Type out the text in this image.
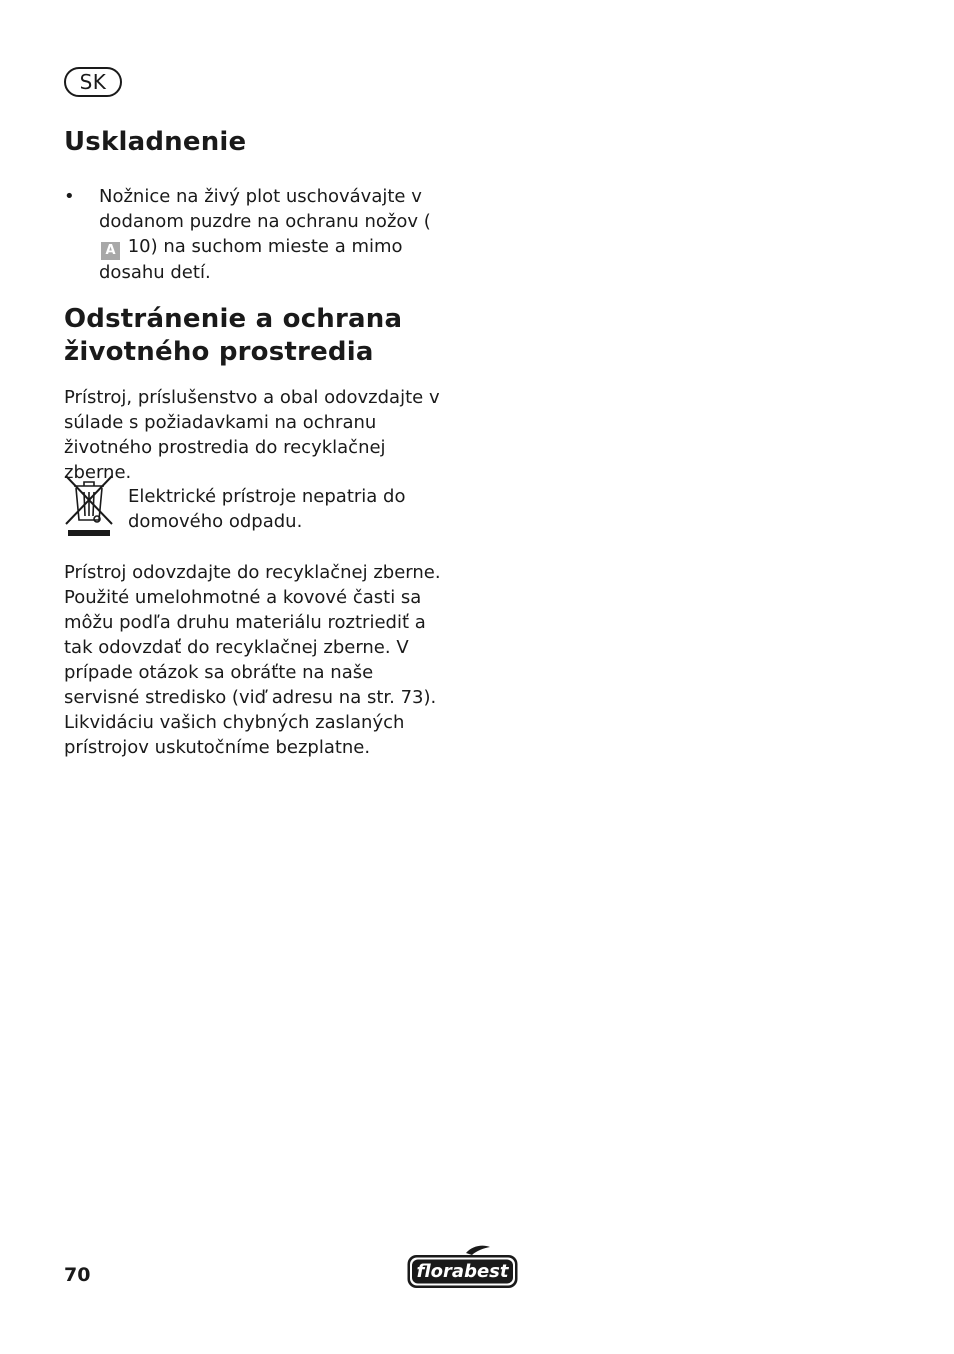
SK
Uskladnenie
• Nožnice na živý plot uschovávajte v dodanom puzdre na ochranu nožov (A 10) na suchom mieste a mimo dosahu detí.

Odstránenie a ochrana
životného prostredia

Prístroj, príslušenstvo a obal odovzdajte v súlade s požiadavkami na ochranu životného prostredia do recyklačnej zberne.

Elektrické prístroje nepatria do domového odpadu.

Prístroj odovzdajte do recyklačnej zberne.

Použité umelohmotné a kovové časti sa môžu podľa druhu materiálu roztriediť a tak odovzdať do recyklačnej zberne. V prípade otázok sa obráťte na naše servisné stredisko (viď adresu na str. 73).

Likvidáciu vašich chybných zaslaných prístrojov uskutočníme bezplatne.

70	florabest
